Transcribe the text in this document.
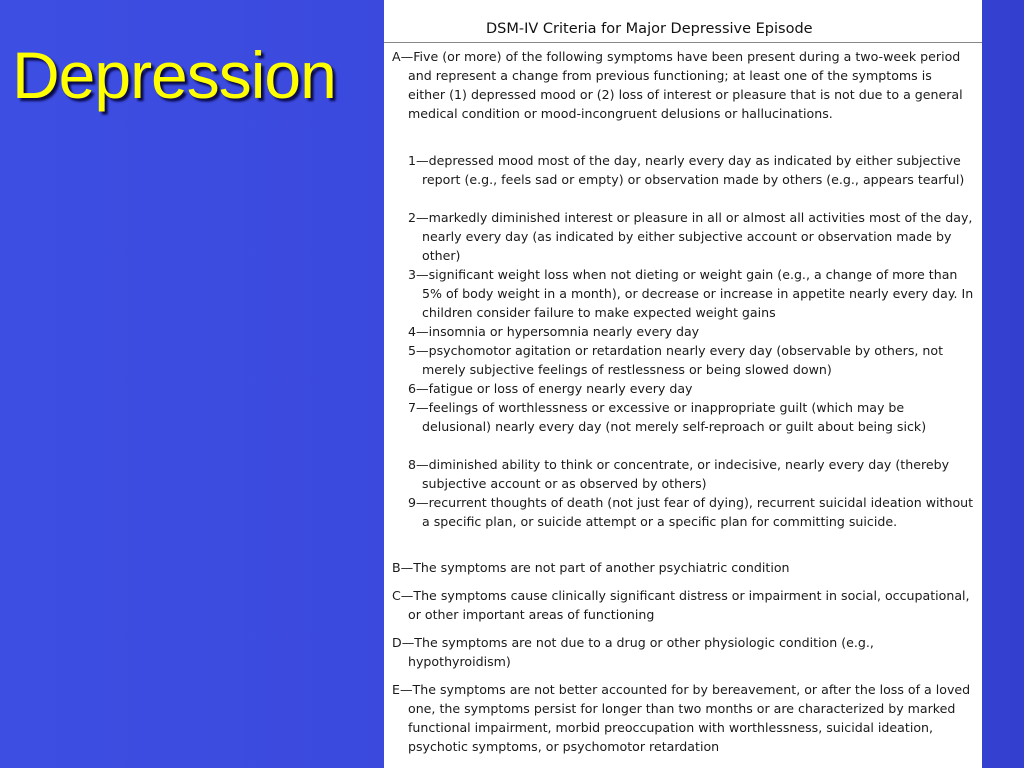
Depression
DSM-IV Criteria for Major Depressive Episode

A—Five (or more) of the following symptoms have been present during a two-week period and represent a change from previous functioning; at least one of the symptoms is either (1) depressed mood or (2) loss of interest or pleasure that is not due to a general medical condition or mood-incongruent delusions or hallucinations.

1—depressed mood most of the day, nearly every day as indicated by either subjective report (e.g., feels sad or empty) or observation made by others (e.g., appears tearful)

2—markedly diminished interest or pleasure in all or almost all activities most of the day, nearly every day (as indicated by either subjective account or observation made by other)

3—significant weight loss when not dieting or weight gain (e.g., a change of more than 5% of body weight in a month), or decrease or increase in appetite nearly every day. In children consider failure to make expected weight gains

4—insomnia or hypersomnia nearly every day

5—psychomotor agitation or retardation nearly every day (observable by others, not merely subjective feelings of restlessness or being slowed down)

6—fatigue or loss of energy nearly every day

7—feelings of worthlessness or excessive or inappropriate guilt (which may be delusional) nearly every day (not merely self-reproach or guilt about being sick)

8—diminished ability to think or concentrate, or indecisive, nearly every day (thereby subjective account or as observed by others)

9—recurrent thoughts of death (not just fear of dying), recurrent suicidal ideation without a specific plan, or suicide attempt or a specific plan for committing suicide.

B—The symptoms are not part of another psychiatric condition

C—The symptoms cause clinically significant distress or impairment in social, occupational, or other important areas of functioning

D—The symptoms are not due to a drug or other physiologic condition (e.g., hypothyroidism)

E—The symptoms are not better accounted for by bereavement, or after the loss of a loved one, the symptoms persist for longer than two months or are characterized by marked functional impairment, morbid preoccupation with worthlessness, suicidal ideation, psychotic symptoms, or psychomotor retardation
